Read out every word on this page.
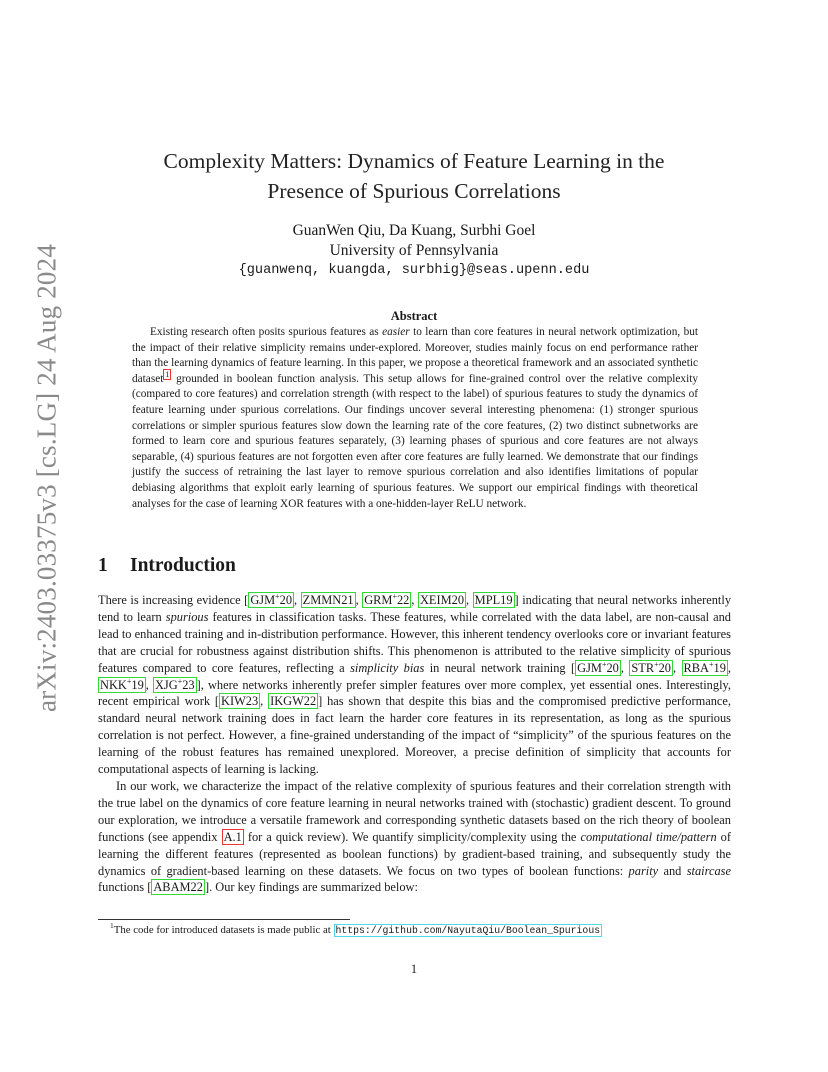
arXiv:2403.03375v3 [cs.LG] 24 Aug 2024
Complexity Matters: Dynamics of Feature Learning in the
Presence of Spurious Correlations
GuanWen Qiu, Da Kuang, Surbhi Goel
University of Pennsylvania
{guanwenq, kuangda, surbhig}@seas.upenn.edu
Abstract

Existing research often posits spurious features as easier to learn than core features in neural network optimization, but the impact of their relative simplicity remains under-explored. Moreover, studies mainly focus on end performance rather than the learning dynamics of feature learning. In this paper, we propose a theoretical framework and an associated synthetic dataset $^1$ grounded in boolean function analysis. This setup allows for fine-grained control over the relative complexity (compared to core features) and correlation strength (with respect to the label) of spurious features to study the dynamics of feature learning under spurious correlations. Our findings uncover several interesting phenomena: (1) stronger spurious correlations or simpler spurious features slow down the learning rate of the core features, (2) two distinct subnetworks are formed to learn core and spurious features separately, (3) learning phases of spurious and core features are not always separable, (4) spurious features are not forgotten even after core features are fully learned. We demonstrate that our findings justify the success of retraining the last layer to remove spurious correlation and also identifies limitations of popular debiasing algorithms that exploit early learning of spurious features. We support our empirical findings with theoretical analyses for the case of learning XOR features with a one-hidden-layer ReLU network.

1 Introduction

There is increasing evidence [ GJM+20 , ZMMN21 , GRM+22 , XEIM20 , MPL19 ] indicating that neural networks inherently tend to learn spurious features in classification tasks. These features, while correlated with the data label, are non-causal and lead to enhanced training and in-distribution performance. However, this inherent tendency overlooks core or invariant features that are crucial for robustness against distribution shifts. This phenomenon is attributed to the relative simplicity of spurious features compared to core features, reflecting a simplicity bias in neural network training [ GJM+20 , STR+20 , RBA+19 , NKK+19 , XJG+23 ], where networks inherently prefer simpler features over more complex, yet essential ones. Interestingly, recent empirical work [ KIW23 , IKGW22 ] has shown that despite this bias and the compromised predictive performance, standard neural network training does in fact learn the harder core features in its representation, as long as the spurious correlation is not perfect. However, a fine-grained understanding of the impact of “simplicity” of the spurious features on the learning of the robust features has remained unexplored. Moreover, a precise definition of simplicity that accounts for computational aspects of learning is lacking.

In our work, we characterize the impact of the relative complexity of spurious features and their correlation strength with the true label on the dynamics of core feature learning in neural networks trained with (stochastic) gradient descent. To ground our exploration, we introduce a versatile framework and corresponding synthetic datasets based on the rich theory of boolean functions (see appendix A.1 for a quick review). We quantify simplicity/complexity using the computational time/pattern of learning the different features (represented as boolean functions) by gradient-based training, and subsequently study the dynamics of gradient-based learning on these datasets. We focus on two types of boolean functions: parity and staircase functions [ ABAM22 ]. Our key findings are summarized below:

$^1$The code for introduced datasets is made public at https://github.com/NayutaQiu/Boolean_Spurious
1
